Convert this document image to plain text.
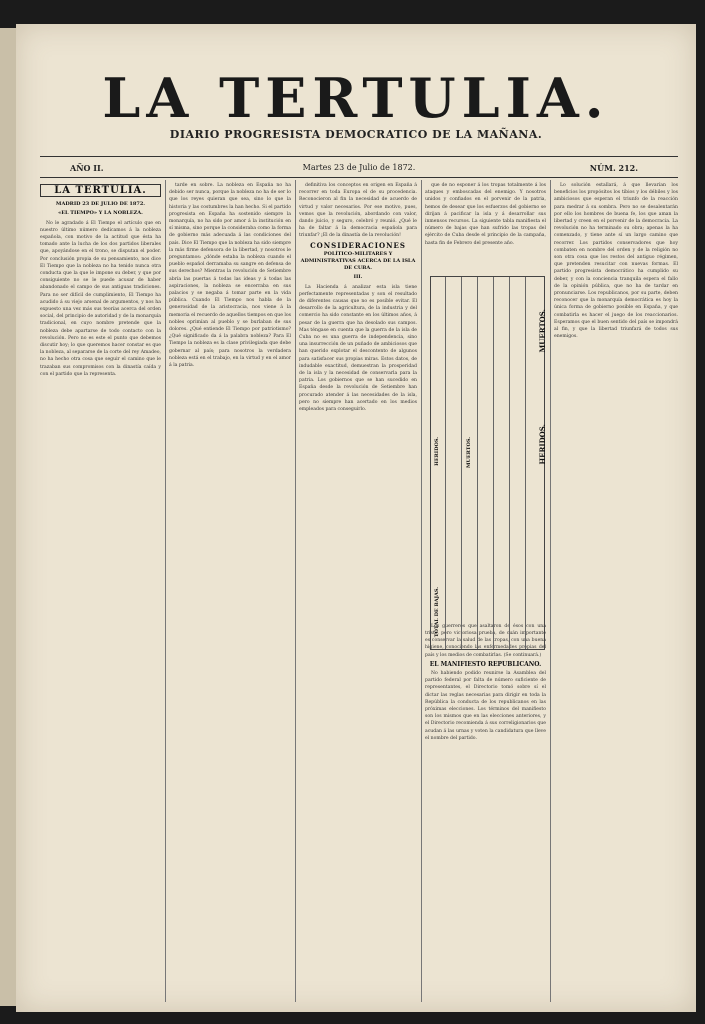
LA TERTULIA.
DIARIO PROGRESISTA DEMOCRATICO DE LA MAÑANA.
AÑO II.	Martes 23 de Julio de 1872.	NÚM. 212.
LA TERTULIA.
MADRID 23 DE JULIO DE 1872.
«EL TIEMPO» Y LA NOBLEZA.

No le agradado á El Tiempo el artículo que en nuestro último número dedicamos á la nobleza española, con motivo de la actitud que ésta ha tomado ante la lucha de los dos partidos liberales que, apoyándose en el trono, se disputan el poder. Por conclusión propia de su pensamiento, nos dice El Tiempo que la nobleza no ha tenido nunca otra conducta que la que le impone su deber, y que por consiguiente no se le puede acusar de haber abandonado el campo de sus antiguas tradiciones. Para no ser difícil de cumplimiento, El Tiempo ha acudido á su viejo arsenal de argumentos, y nos ha expuesto una vez más sus teorías acerca del orden social, del principio de autoridad y de la monarquía tradicional, en cuyo nombre pretende que la nobleza debe apartarse de todo contacto con la revolución. Pero no es este el punto que debemos discutir hoy; lo que queremos hacer constar es que la nobleza, al separarse de la corte del rey Amadeo, no ha hecho otra cosa que seguir el camino que le trazaban sus compromisos con la dinastía caída y con el partido que la representa.

tarde en sobre. La nobleza en España no ha debido ser nunca, porque la nobleza no ha de ser lo que los reyes quieran que sea, sino lo que la historia y las costumbres la han hecho. Si el partido progresista en España ha sostenido siempre la monarquía, no ha sido por amor á la institución en sí misma, sino porque la consideraba como la forma de gobierno más adecuada á las condiciones del país. Dice El Tiempo que la nobleza ha sido siempre la más firme defensora de la libertad, y nosotros le preguntamos: ¿dónde estaba la nobleza cuando el pueblo español derramaba su sangre en defensa de sus derechos? Mientras la revolución de Setiembre abría las puertas á todas las ideas y á todas las aspiraciones, la nobleza se encerraba en sus palacios y se negaba á tomar parte en la vida pública. Cuando El Tiempo nos habla de la generosidad de la aristocracia, nos viene á la memoria el recuerdo de aquellos tiempos en que los nobles oprimían al pueblo y se burlaban de sus dolores. ¿Qué entiende El Tiempo por patriotismo? ¿Qué significado da á la palabra nobleza? Para El Tiempo la nobleza es la clase privilegiada que debe gobernar al país; para nosotros la verdadera nobleza está en el trabajo, en la virtud y en el amor á la patria.

definitiva los conceptos en origen en España á recorrer en toda Europa el de su procedencia. Reconocieron al fin la necesidad de acuerdo de virtud y valor necesarios. Por ese motivo, pues, vemos que la revolución, abordando con valor, dando juicio, y seguro, celebró y reunió. ¿Qué le ha de faltar á la democracia española para triunfar? ¡El de la dinastía de la revolución!

CONSIDERACIONES
POLÍTICO-MILITARES Y ADMINISTRATIVAS ACERCA DE LA ISLA DE CUBA.
III.

La Hacienda á analizar esta isla tiene perfectamente representadas y son el resultado de diferentes causas que no es posible evitar. El desarrollo de la agricultura, de la industria y del comercio ha sido constante en los últimos años, á pesar de la guerra que ha desolado sus campos. Mas téngase en cuenta que la guerra de la isla de Cuba no es una guerra de independencia, sino una insurrección de un puñado de ambiciosos que han querido explotar el descontento de algunos para satisfacer sus propias miras. Estos datos, de indudable exactitud, demuestran la prosperidad de la isla y la necesidad de conservarla para la patria. Los gobiernos que se han sucedido en España desde la revolución de Setiembre han procurado atender á las necesidades de la isla, pero no siempre han acertado en los medios empleados para conseguirlo.

que de no esponer á los tropas totalmente á los ataques y emboscadas del enemigo. Y nosotros unidos y confiados en el porvenir de la patria, hemos de desear que los esfuerzos del gobierno se dirijan á pacificar la isla y á desarrollar sus inmensos recursos. La siguiente tabla manifiesta el número de bajas que han sufrido las tropas del ejército de Cuba desde el principio de la campaña, hasta fin de Febrero del presente año.

Los guerreros que asaltaron de ésos con una triste, pero victoriosa prueba, de cuán importante es conservar la salud de las tropas, con una buena higiene, conociendo las enfermedades propias del país y los medios de combatirlas. (Se continuará.)

EL MANIFIESTO REPUBLICANO.

No habiendo podido reunirse la Asamblea del partido federal por falta de número suficiente de representantes, el Directorio tomó sobre sí el dictar las reglas necesarias para dirigir en toda la República la conducta de los republicanos en las próximas elecciones. Los términos del manifiesto son los mismos que en las elecciones anteriores, y el Directorio recomienda á sus correligionarios que acudan á las urnas y voten la candidatura que lleve el nombre del partido.

HERIDOS.	MUERTOS.
TOTAL DE BAJAS.
MUERTOS.
HERIDOS.

Lo solución estallará, á que llevarían los beneficios los propósitos los tibios y los débiles y los ambiciosos que esperan el triunfo de la reacción para medrar á su sombra. Pero no se desalentarán por ello los hombres de buena fe, los que aman la libertad y creen en el porvenir de la democracia. La revolución no ha terminado su obra; apenas la ha comenzado, y tiene ante sí un largo camino que recorrer. Los partidos conservadores que hoy combaten en nombre del orden y de la religión no son otra cosa que los restos del antiguo régimen, que pretenden resucitar con nuevas formas. El partido progresista democrático ha cumplido su deber, y con la conciencia tranquila espera el fallo de la opinión pública, que no ha de tardar en pronunciarse. Los republicanos, por su parte, deben reconocer que la monarquía democrática es hoy la única forma de gobierno posible en España, y que combatirla es hacer el juego de los reaccionarios. Esperamos que el buen sentido del país se impondrá al fin, y que la libertad triunfará de todos sus enemigos.
